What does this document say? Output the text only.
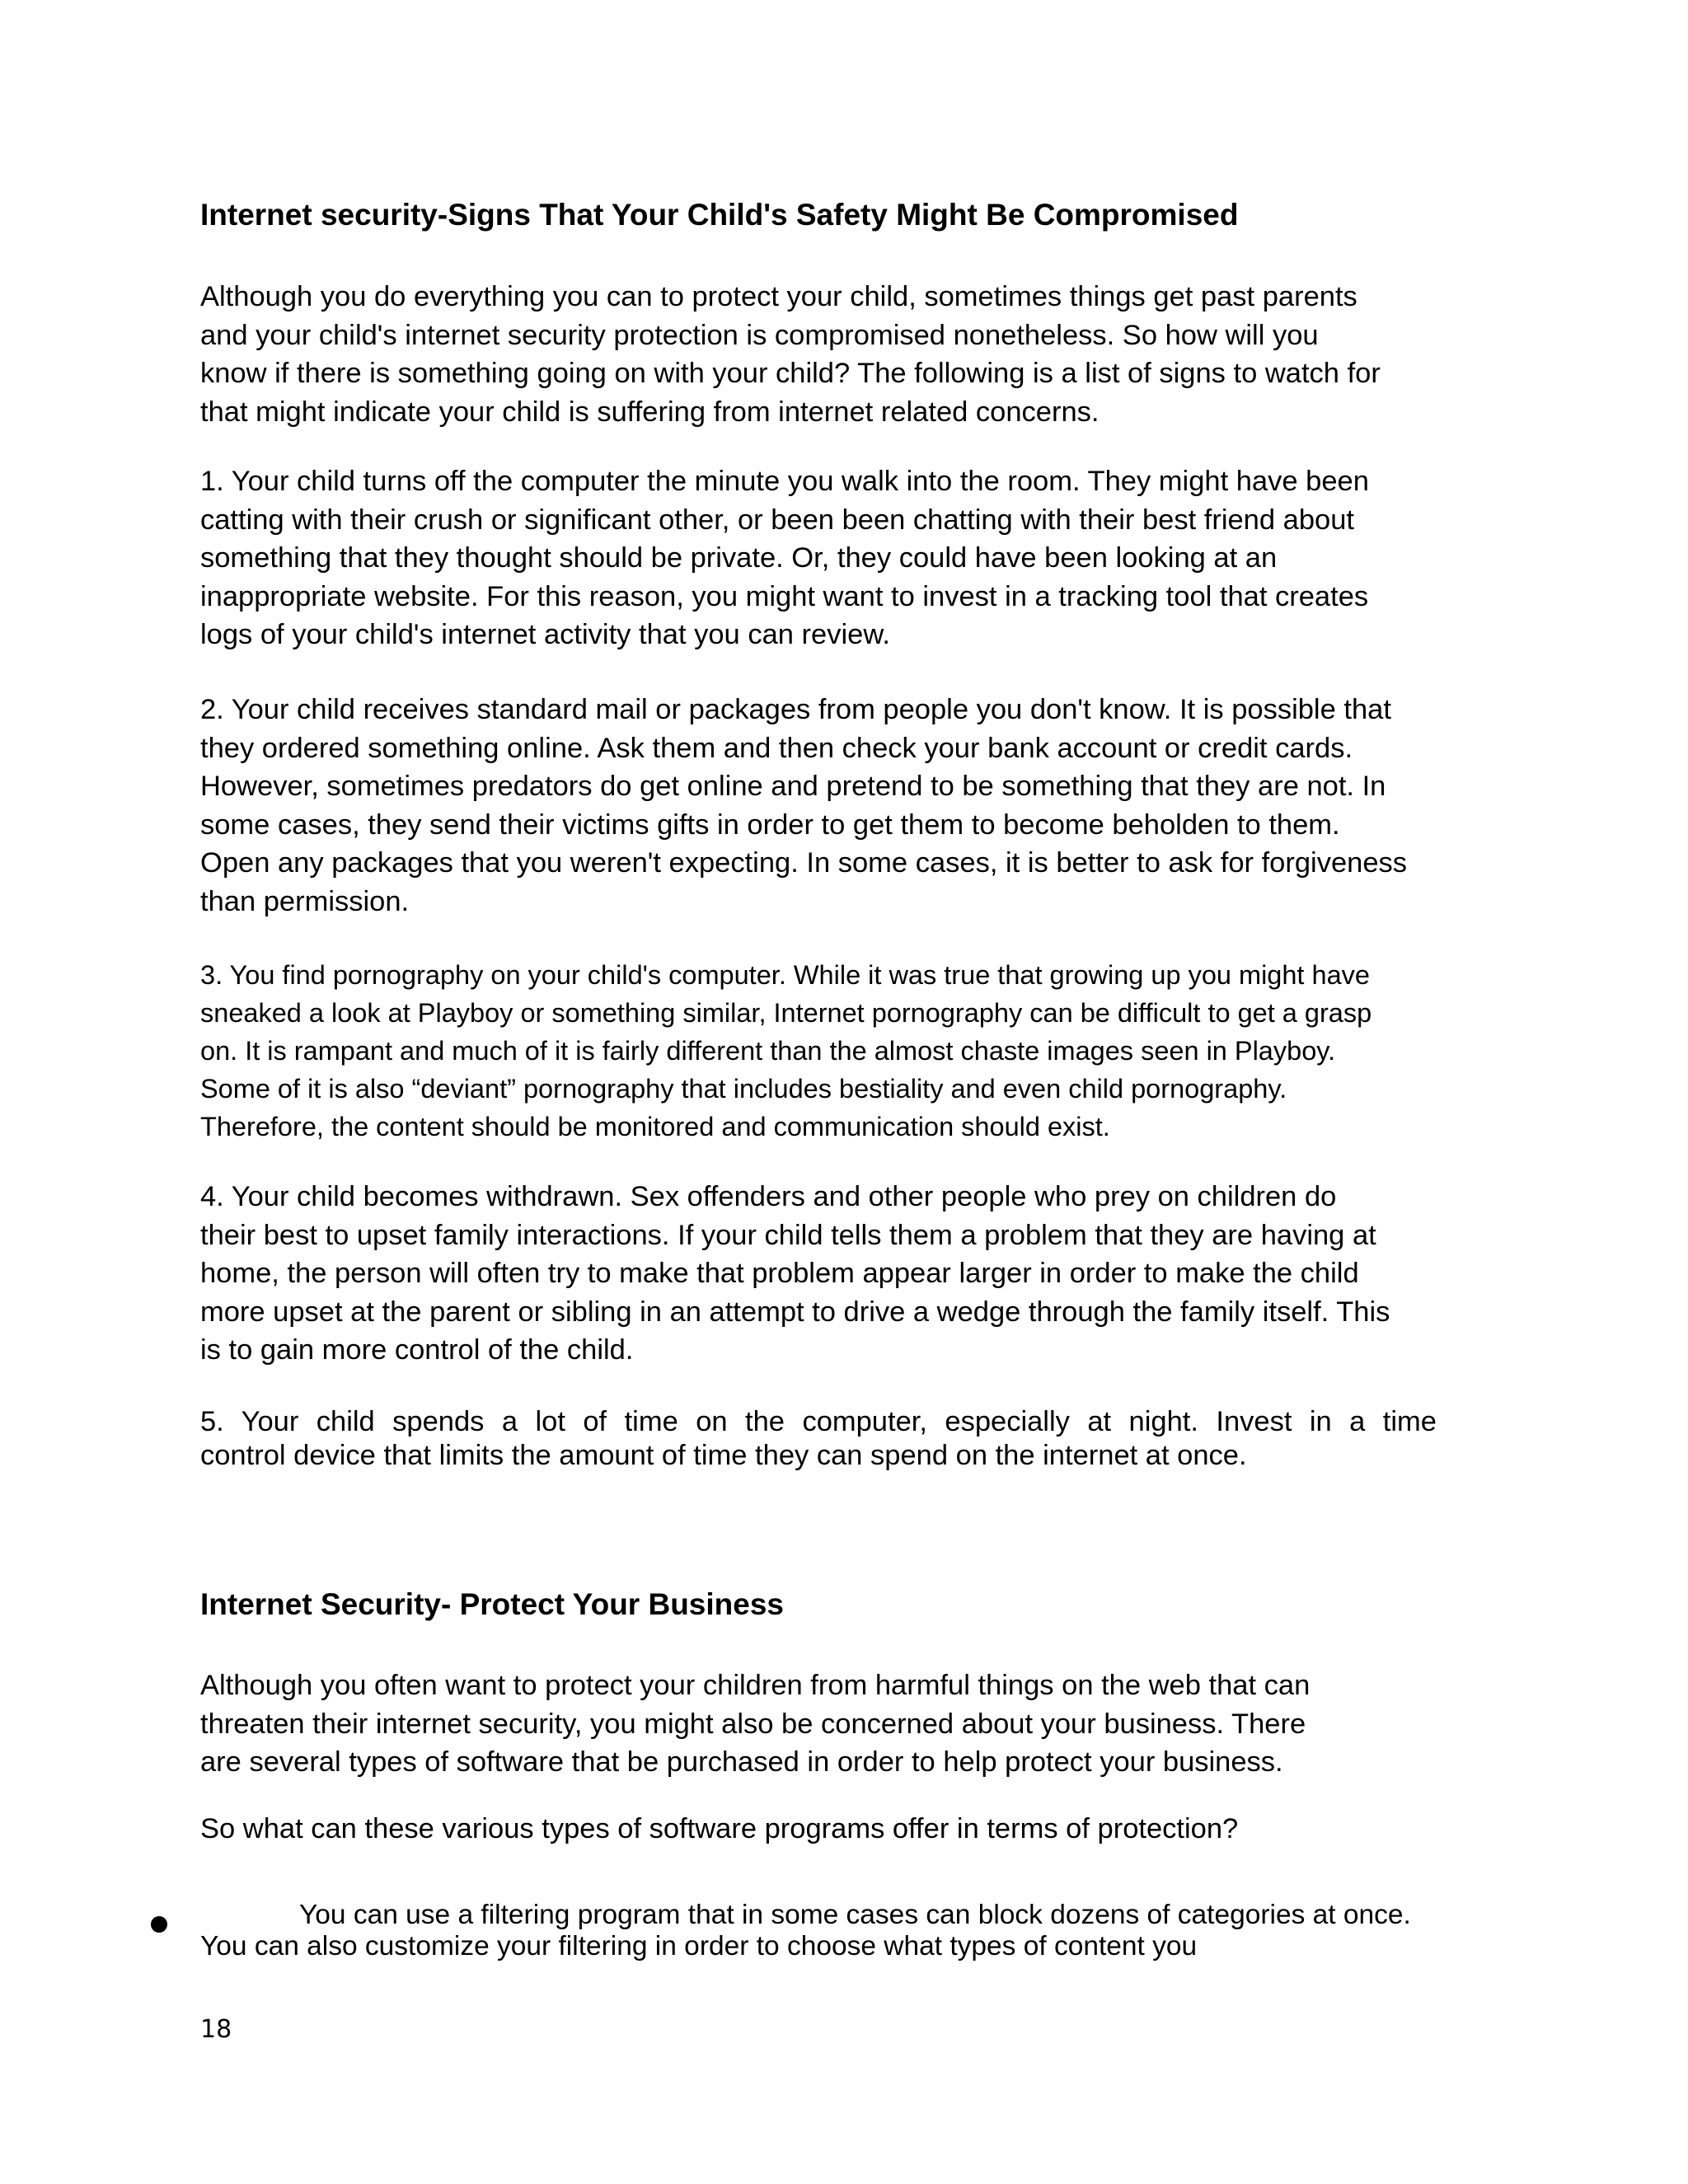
Internet security-Signs That Your Child's Safety Might Be Compromised

Although you do everything you can to protect your child, sometimes things get past parents
and your child's internet security protection is compromised nonetheless. So how will you
know if there is something going on with your child? The following is a list of signs to watch for
that might indicate your child is suffering from internet related concerns.

1. Your child turns off the computer the minute you walk into the room. They might have been
catting with their crush or significant other, or been been chatting with their best friend about
something that they thought should be private. Or, they could have been looking at an
inappropriate website. For this reason, you might want to invest in a tracking tool that creates
logs of your child's internet activity that you can review.

2. Your child receives standard mail or packages from people you don't know. It is possible that
they ordered something online. Ask them and then check your bank account or credit cards.
However, sometimes predators do get online and pretend to be something that they are not. In
some cases, they send their victims gifts in order to get them to become beholden to them.
Open any packages that you weren't expecting. In some cases, it is better to ask for forgiveness
than permission.

3. You find pornography on your child's computer. While it was true that growing up you might have
sneaked a look at Playboy or something similar, Internet pornography can be difficult to get a grasp
on. It is rampant and much of it is fairly different than the almost chaste images seen in Playboy.
Some of it is also “deviant” pornography that includes bestiality and even child pornography.
Therefore, the content should be monitored and communication should exist.

4. Your child becomes withdrawn. Sex offenders and other people who prey on children do
their best to upset family interactions. If your child tells them a problem that they are having at
home, the person will often try to make that problem appear larger in order to make the child
more upset at the parent or sibling in an attempt to drive a wedge through the family itself. This
is to gain more control of the child.

5. Your child spends a lot of time on the computer, especially at night. Invest in a time
control device that limits the amount of time they can spend on the internet at once.

Internet Security- Protect Your Business

Although you often want to protect your children from harmful things on the web that can
threaten their internet security, you might also be concerned about your business. There
are several types of software that be purchased in order to help protect your business.

So what can these various types of software programs offer in terms of protection?

You can use a filtering program that in some cases can block dozens of categories at once.
You can also customize your filtering in order to choose what types of content you

18
